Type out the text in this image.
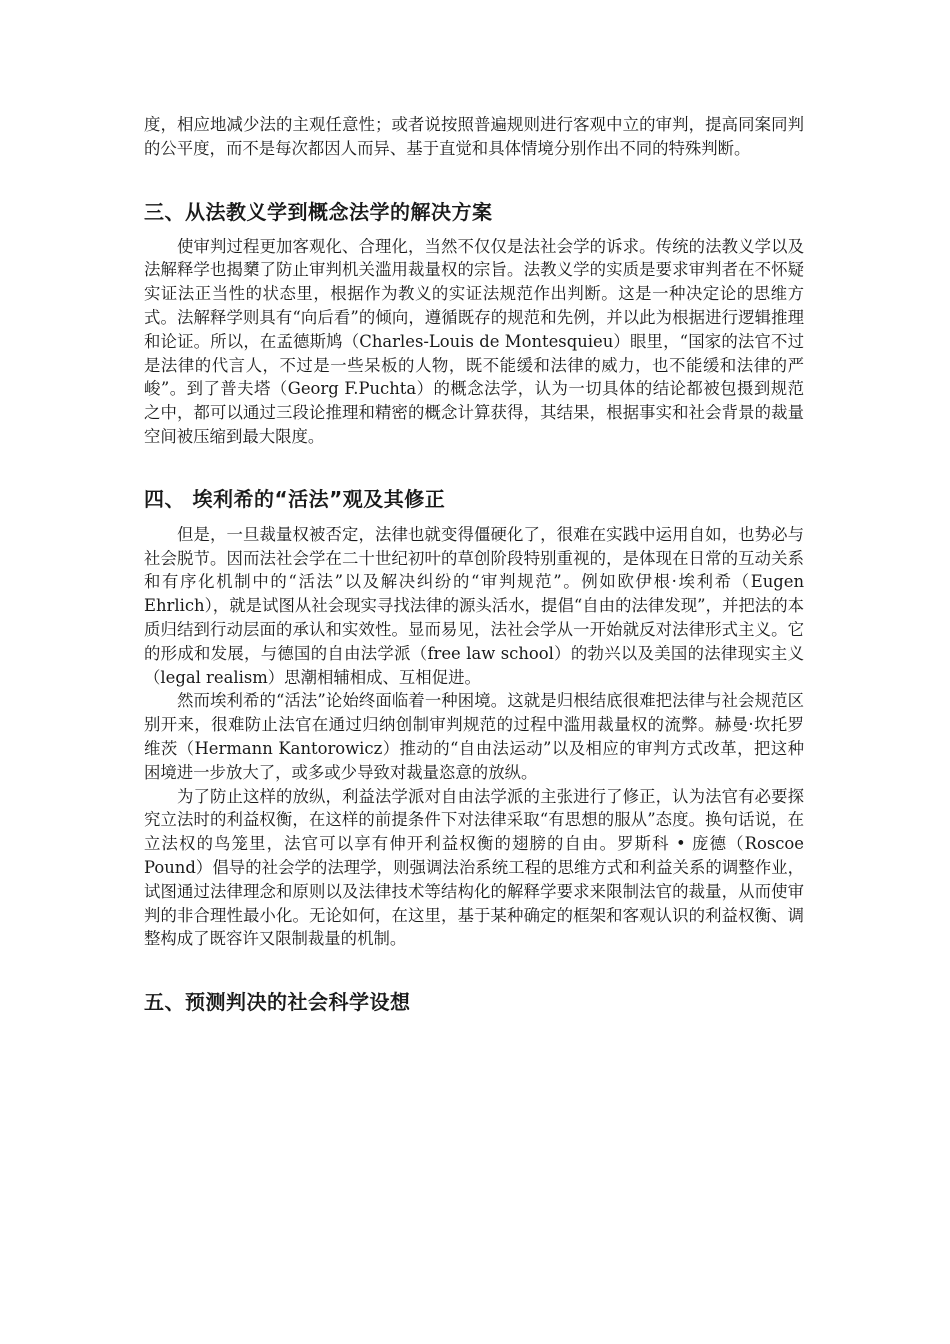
度，相应地减少法的主观任意性；或者说按照普遍规则进行客观中立的审判，提高同案同判的公平度，而不是每次都因人而异、基于直觉和具体情境分别作出不同的特殊判断。

三、从法教义学到概念法学的解决方案

使审判过程更加客观化、合理化，当然不仅仅是法社会学的诉求。传统的法教义学以及法解释学也揭櫫了防止审判机关滥用裁量权的宗旨。法教义学的实质是要求审判者在不怀疑实证法正当性的状态里，根据作为教义的实证法规范作出判断。这是一种决定论的思维方式。法解释学则具有“向后看”的倾向，遵循既存的规范和先例，并以此为根据进行逻辑推理和论证。所以，在孟德斯鸠（Charles-Louis de Montesquieu）眼里，“国家的法官不过是法律的代言人，不过是一些呆板的人物，既不能缓和法律的威力，也不能缓和法律的严峻”。到了普夫塔（Georg F.Puchta）的概念法学，认为一切具体的结论都被包摄到规范之中，都可以通过三段论推理和精密的概念计算获得，其结果，根据事实和社会背景的裁量空间被压缩到最大限度。

四、 埃利希的“活法”观及其修正

但是，一旦裁量权被否定，法律也就变得僵硬化了，很难在实践中运用自如，也势必与社会脱节。因而法社会学在二十世纪初叶的草创阶段特别重视的，是体现在日常的互动关系和有序化机制中的“活法”以及解决纠纷的“审判规范”。例如欧伊根·埃利希（Eugen Ehrlich），就是试图从社会现实寻找法律的源头活水，提倡“自由的法律发现”，并把法的本质归结到行动层面的承认和实效性。显而易见，法社会学从一开始就反对法律形式主义。它的形成和发展，与德国的自由法学派（free law school）的勃兴以及美国的法律现实主义（legal realism）思潮相辅相成、互相促进。

然而埃利希的“活法”论始终面临着一种困境。这就是归根结底很难把法律与社会规范区别开来，很难防止法官在通过归纳创制审判规范的过程中滥用裁量权的流弊。赫曼·坎托罗维茨（Hermann Kantorowicz）推动的“自由法运动”以及相应的审判方式改革，把这种困境进一步放大了，或多或少导致对裁量恣意的放纵。

为了防止这样的放纵，利益法学派对自由法学派的主张进行了修正，认为法官有必要探究立法时的利益权衡，在这样的前提条件下对法律采取“有思想的服从”态度。换句话说，在立法权的鸟笼里，法官可以享有伸开利益权衡的翅膀的自由。罗斯科 • 庞德（Roscoe Pound）倡导的社会学的法理学，则强调法治系统工程的思维方式和利益关系的调整作业，试图通过法律理念和原则以及法律技术等结构化的解释学要求来限制法官的裁量，从而使审判的非合理性最小化。无论如何，在这里，基于某种确定的框架和客观认识的利益权衡、调整构成了既容许又限制裁量的机制。

五、预测判决的社会科学设想
